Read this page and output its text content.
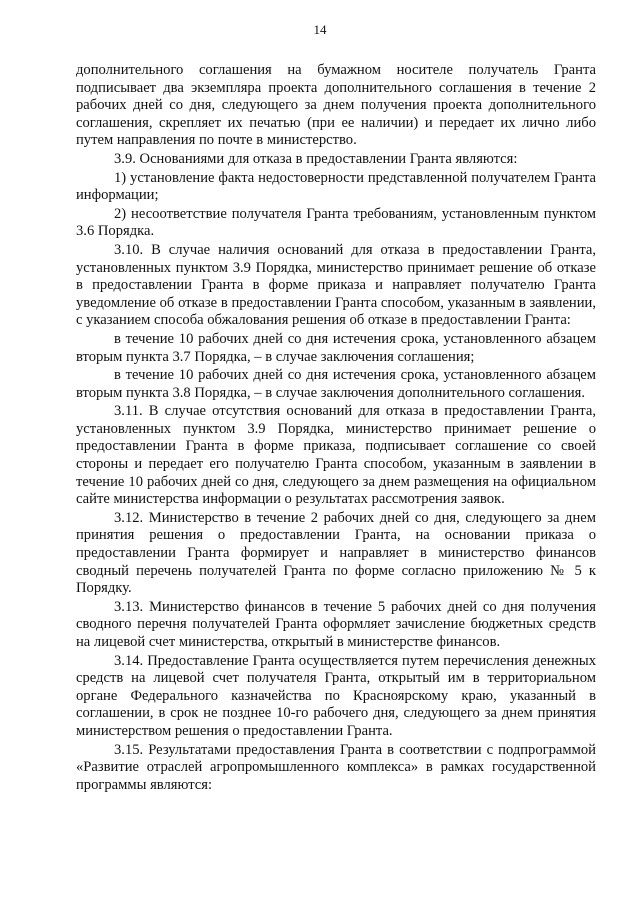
14

дополнительного соглашения на бумажном носителе получатель Гранта подписывает два экземпляра проекта дополнительного соглашения в течение 2 рабочих дней со дня, следующего за днем получения проекта дополнительного соглашения, скрепляет их печатью (при ее наличии) и передает их лично либо путем направления по почте в министерство.

3.9. Основаниями для отказа в предоставлении Гранта являются:

1) установление факта недостоверности представленной получателем Гранта информации;

2) несоответствие получателя Гранта требованиям, установленным пунктом 3.6 Порядка.

3.10. В случае наличия оснований для отказа в предоставлении Гранта, установленных пунктом 3.9 Порядка, министерство принимает решение об отказе в предоставлении Гранта в форме приказа и направляет получателю Гранта уведомление об отказе в предоставлении Гранта способом, указанным в заявлении, с указанием способа обжалования решения об отказе в предоставлении Гранта:

в течение 10 рабочих дней со дня истечения срока, установленного абзацем вторым пункта 3.7 Порядка, – в случае заключения соглашения;

в течение 10 рабочих дней со дня истечения срока, установленного абзацем вторым пункта 3.8 Порядка, – в случае заключения дополнительного соглашения.

3.11. В случае отсутствия оснований для отказа в предоставлении Гранта, установленных пунктом 3.9 Порядка, министерство принимает решение о предоставлении Гранта в форме приказа, подписывает соглашение со своей стороны и передает его получателю Гранта способом, указанным в заявлении в течение 10 рабочих дней со дня, следующего за днем размещения на официальном сайте министерства информации о результатах рассмотрения заявок.

3.12. Министерство в течение 2 рабочих дней со дня, следующего за днем принятия решения о предоставлении Гранта, на основании приказа о предоставлении Гранта формирует и направляет в министерство финансов сводный перечень получателей Гранта по форме согласно приложению № 5 к Порядку.

3.13. Министерство финансов в течение 5 рабочих дней со дня получения сводного перечня получателей Гранта оформляет зачисление бюджетных средств на лицевой счет министерства, открытый в министерстве финансов.

3.14. Предоставление Гранта осуществляется путем перечисления денежных средств на лицевой счет получателя Гранта, открытый им в территориальном органе Федерального казначейства по Красноярскому краю, указанный в соглашении, в срок не позднее 10-го рабочего дня, следующего за днем принятия министерством решения о предоставлении Гранта.

3.15. Результатами предоставления Гранта в соответствии с подпрограммой «Развитие отраслей агропромышленного комплекса» в рамках государственной программы являются:
